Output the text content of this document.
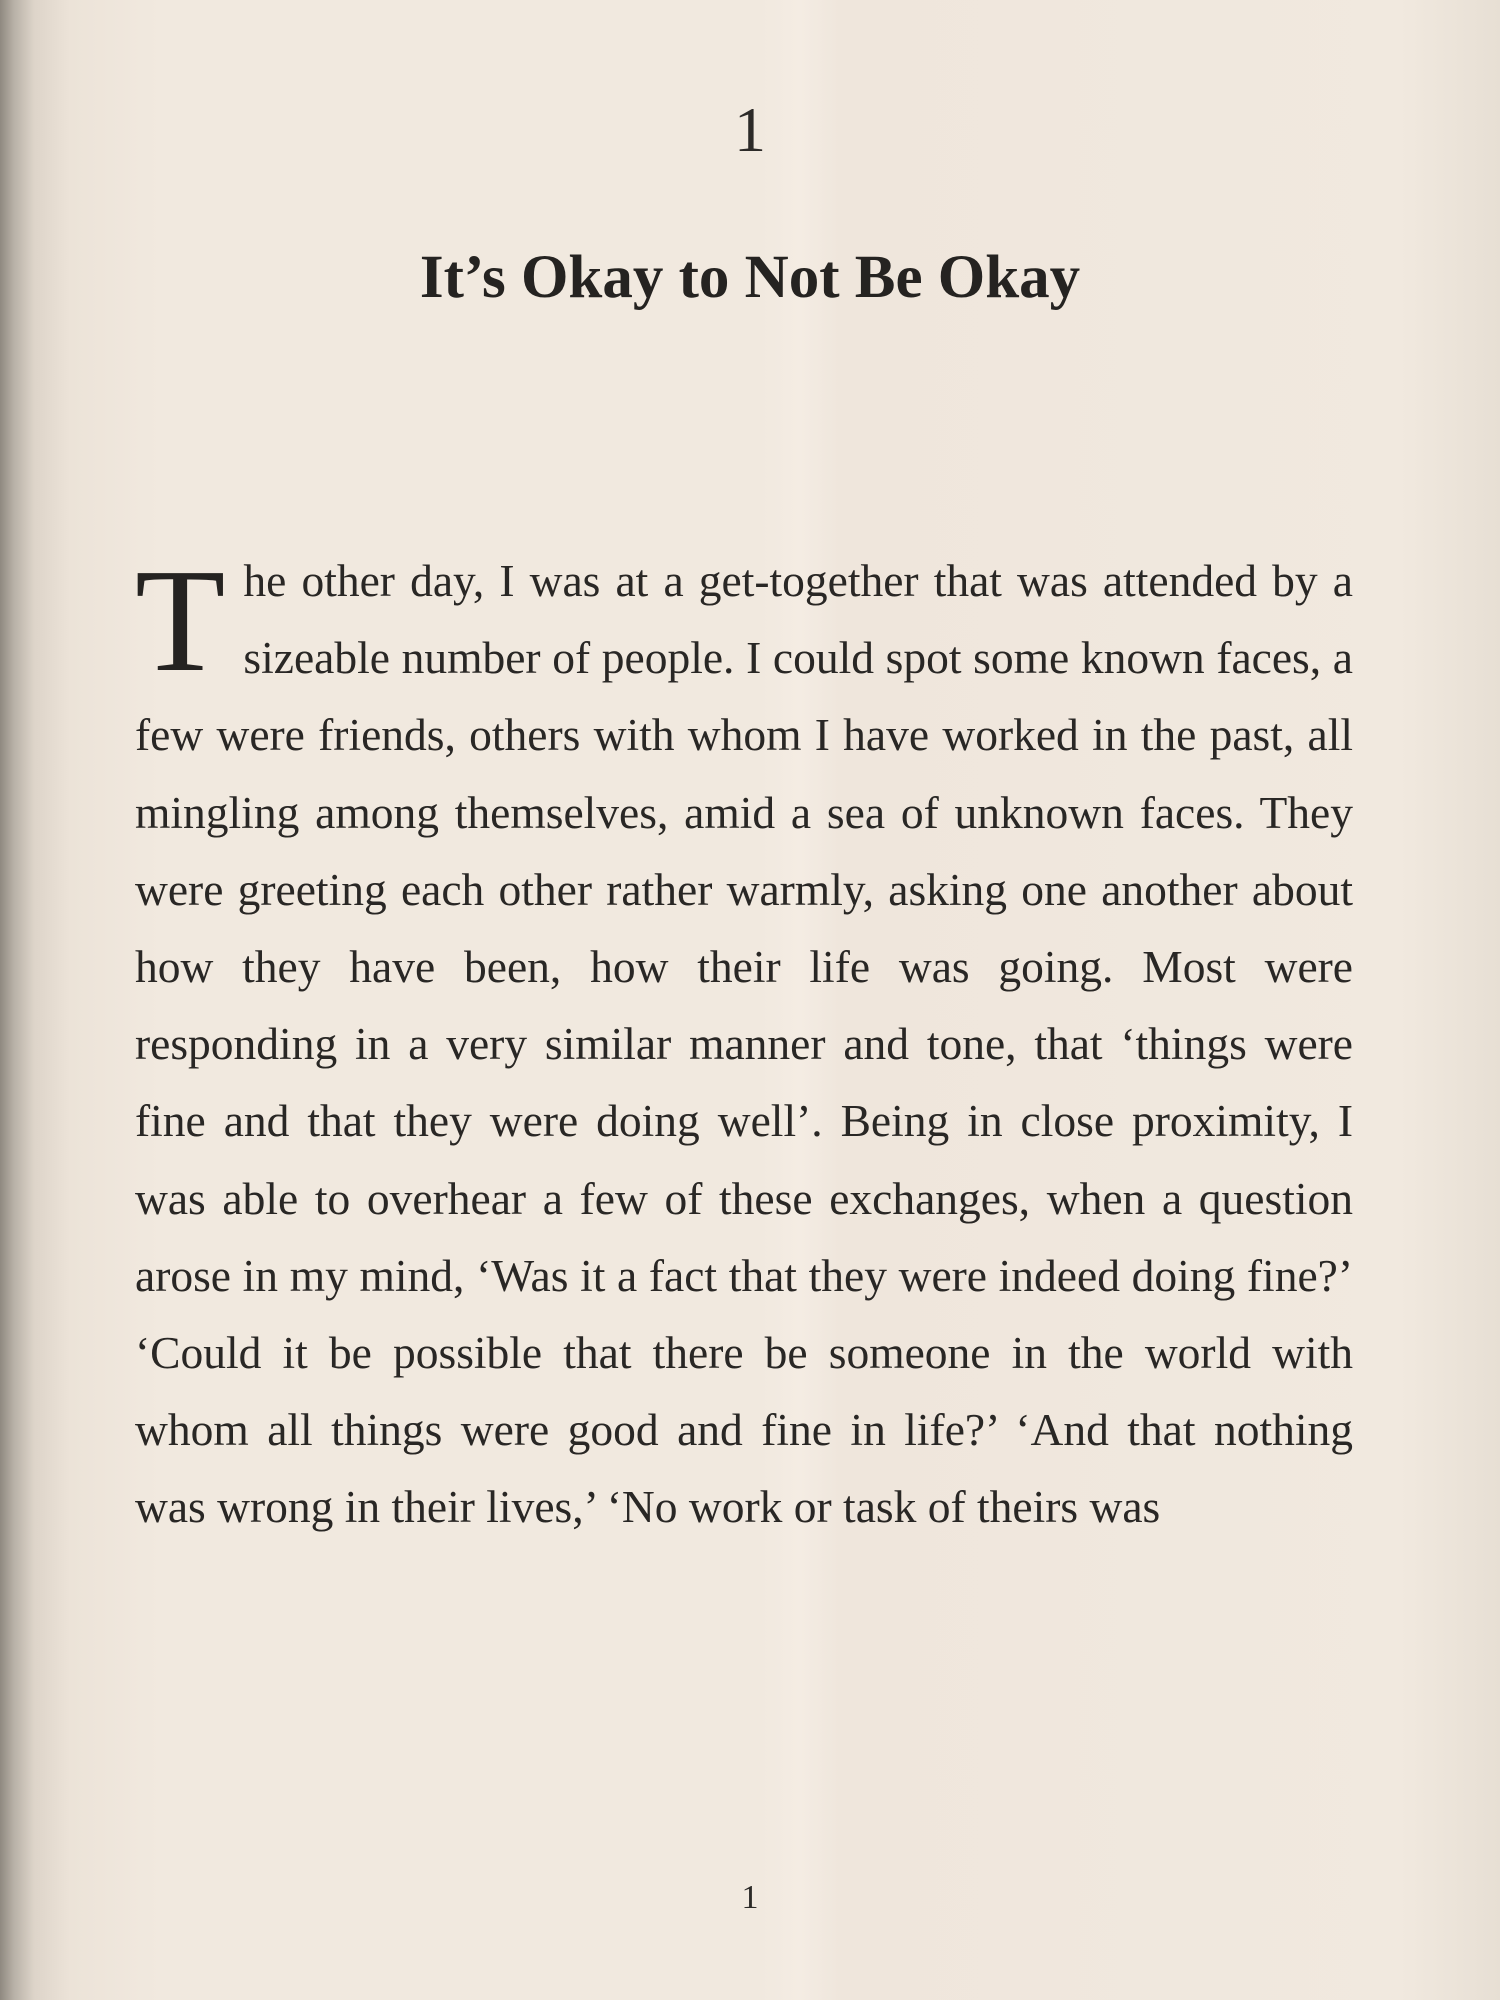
1
It’s Okay to Not Be Okay

The other day, I was at a get-together that was attended by a sizeable number of people. I could spot some known faces, a few were friends, others with whom I have worked in the past, all mingling among themselves, amid a sea of unknown faces. They were greeting each other rather warmly, asking one another about how they have been, how their life was going. Most were responding in a very similar manner and tone, that ‘things were fine and that they were doing well’. Being in close proximity, I was able to overhear a few of these exchanges, when a question arose in my mind, ‘Was it a fact that they were indeed doing fine?’ ‘Could it be possible that there be someone in the world with whom all things were good and fine in life?’ ‘And that nothing was wrong in their lives,’ ‘No work or task of theirs was

1
